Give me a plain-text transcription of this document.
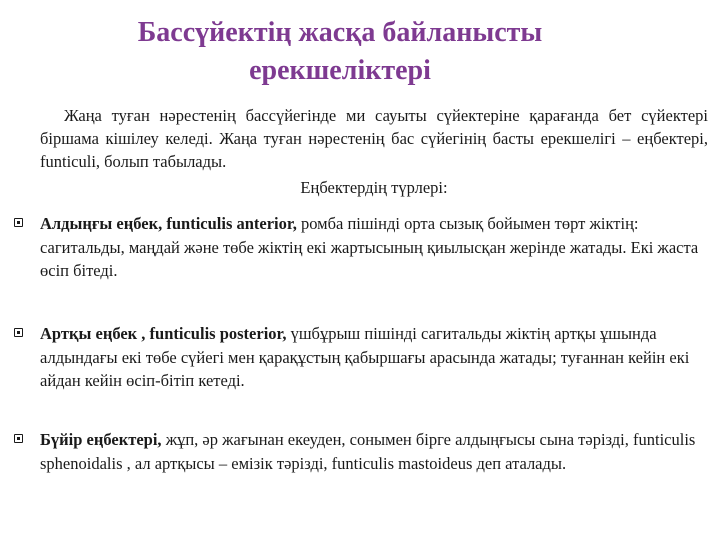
Бассүйектің жасқа байланысты
ерекшеліктері
Жаңа туған нәрестенің бассүйегінде ми сауыты сүйектеріне қарағанда бет сүйектері біршама кішілеу келеді. Жаңа туған нәрестенің бас сүйегінің басты ерекшелігі – еңбектері, funticuli, болып табылады.
Еңбектердің түрлері:
Алдыңғы еңбек, funticulis anterior, ромба пішінді орта сызық бойымен төрт жіктің: сагитальды, маңдай және төбе жіктің екі жартысының қиылысқан жерінде жатады. Екі жаста өсіп бітеді.
Артқы еңбек , funticulis posterior, үшбұрыш пішінді сагитальды жіктің артқы ұшында алдындағы екі төбе сүйегі мен қарақұстың қабыршағы арасында жатады; туғаннан кейін екі айдан кейін өсіп-бітіп кетеді.
Бүйір еңбектері, жұп, әр жағынан екеуден, сонымен бірге алдыңғысы сына тәрізді, funticulis sphenoidalis , ал артқысы – емізік тәрізді, funticulis mastoideus деп аталады.
